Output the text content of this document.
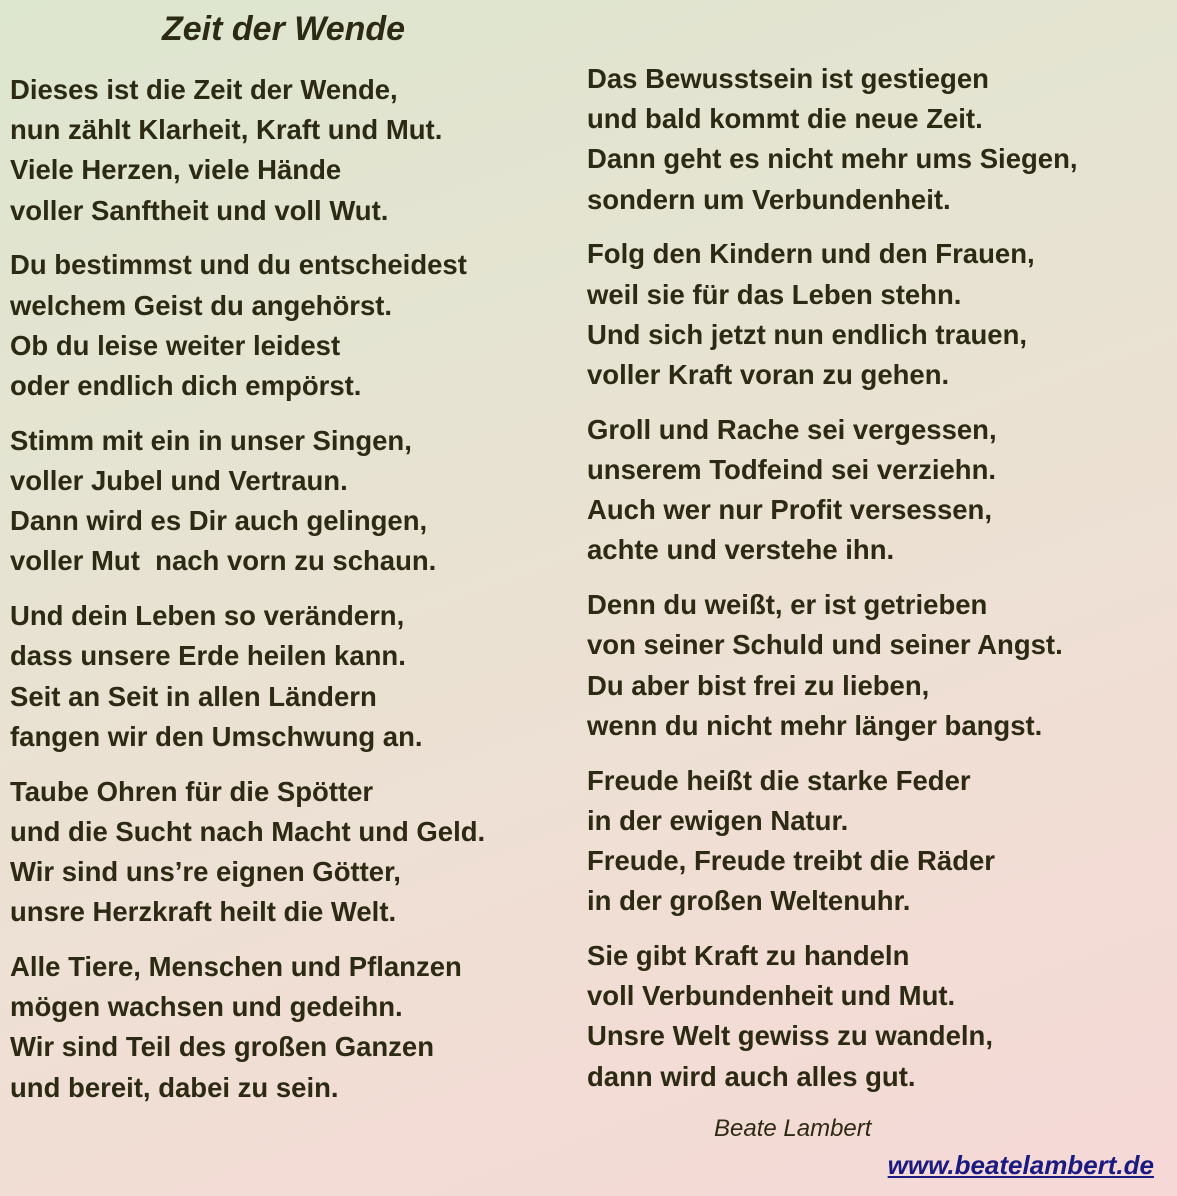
Zeit der Wende
Dieses ist die Zeit der Wende,
nun zählt Klarheit, Kraft und Mut.
Viele Herzen, viele Hände
voller Sanftheit und voll Wut.
Du bestimmst und du entscheidest
welchem Geist du angehörst.
Ob du leise weiter leidest
oder endlich dich empörst.
Stimm mit ein in unser Singen,
voller Jubel und Vertraun.
Dann wird es Dir auch gelingen,
voller Mut  nach vorn zu schaun.
Und dein Leben so verändern,
dass unsere Erde heilen kann.
Seit an Seit in allen Ländern
fangen wir den Umschwung an.
Taube Ohren für die Spötter
und die Sucht nach Macht und Geld.
Wir sind uns’re eignen Götter,
unsre Herzkraft heilt die Welt.
Alle Tiere, Menschen und Pflanzen
mögen wachsen und gedeihn.
Wir sind Teil des großen Ganzen
und bereit, dabei zu sein.
Das Bewusstsein ist gestiegen
und bald kommt die neue Zeit.
Dann geht es nicht mehr ums Siegen,
sondern um Verbundenheit.
Folg den Kindern und den Frauen,
weil sie für das Leben stehn.
Und sich jetzt nun endlich trauen,
voller Kraft voran zu gehen.
Groll und Rache sei vergessen,
unserem Todfeind sei verziehn.
Auch wer nur Profit versessen,
achte und verstehe ihn.
Denn du weißt, er ist getrieben
von seiner Schuld und seiner Angst.
Du aber bist frei zu lieben,
wenn du nicht mehr länger bangst.
Freude heißt die starke Feder
in der ewigen Natur.
Freude, Freude treibt die Räder
in der großen Weltenuhr.
Sie gibt Kraft zu handeln
voll Verbundenheit und Mut.
Unsre Welt gewiss zu wandeln,
dann wird auch alles gut.
Beate Lambert
www.beatelambert.de
